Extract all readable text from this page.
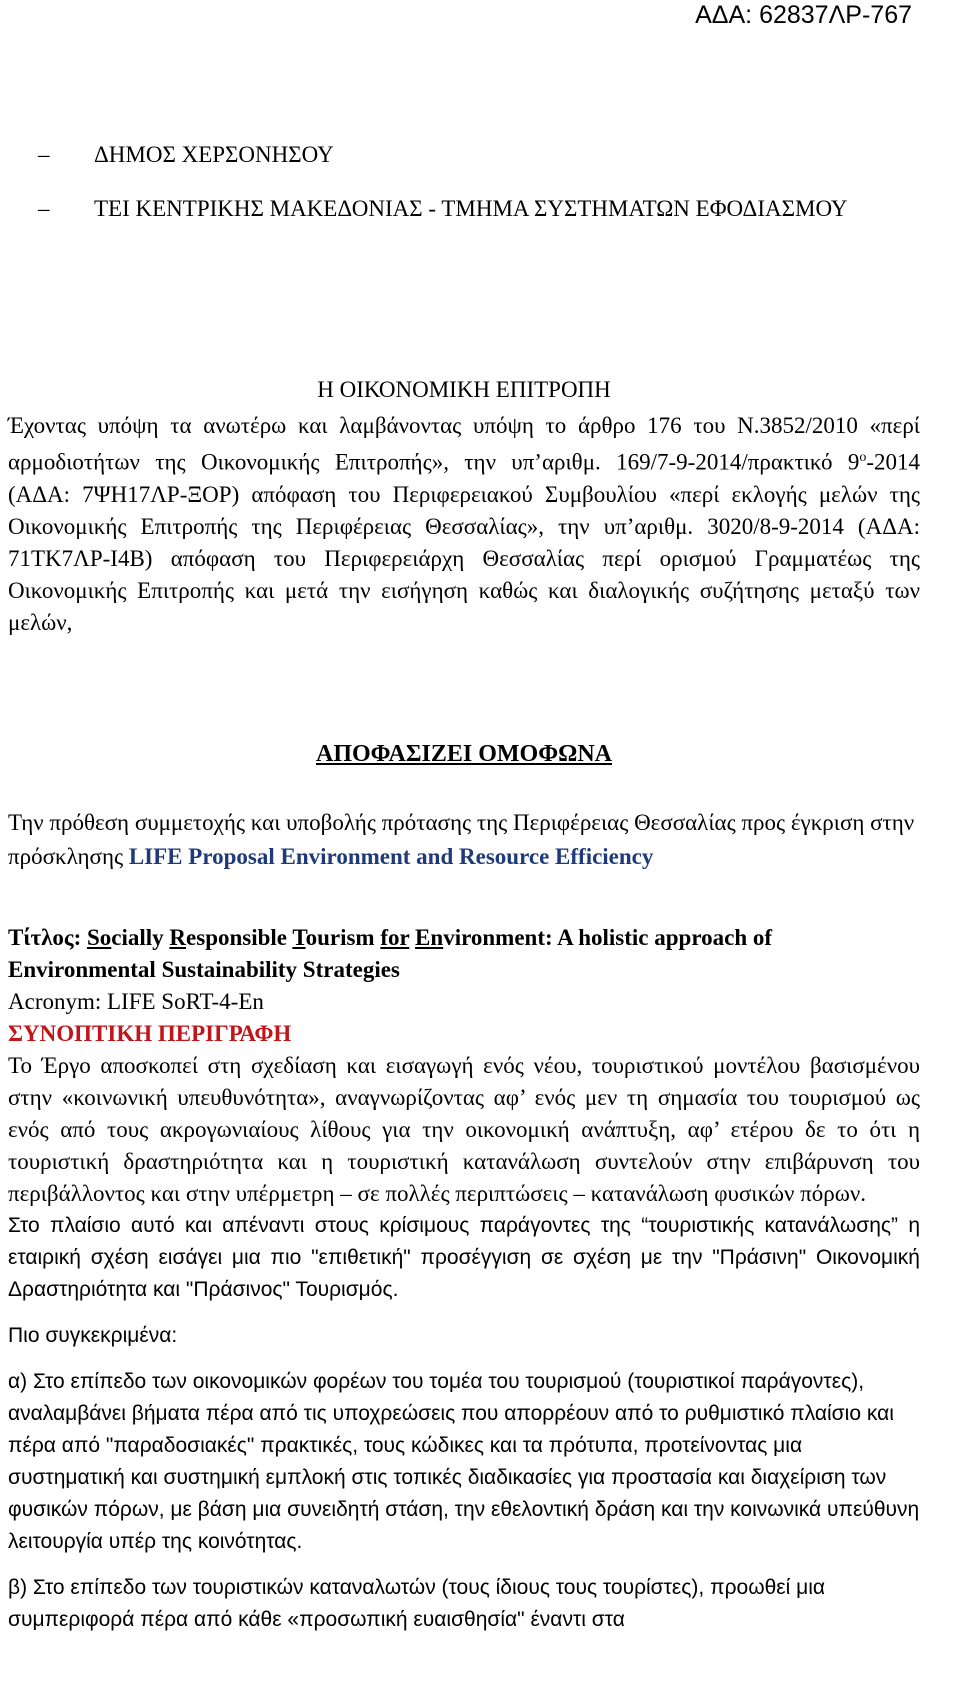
ΑΔΑ: 62837ΛΡ-767
– ΔΗΜΟΣ ΧΕΡΣΟΝΗΣΟΥ
– ΤΕΙ ΚΕΝΤΡΙΚΗΣ ΜΑΚΕΔΟΝΙΑΣ - ΤΜΗΜΑ ΣΥΣΤΗΜΑΤΩΝ ΕΦΟΔΙΑΣΜΟΥ
Η ΟΙΚΟΝΟΜΙΚΗ ΕΠΙΤΡΟΠΗ
Έχοντας υπόψη τα ανωτέρω και λαμβάνοντας υπόψη το άρθρο 176 του Ν.3852/2010 «περί αρμοδιοτήτων της Οικονομικής Επιτροπής», την υπ’αριθμ. 169/7-9-2014/πρακτικό $9^o-2014$ (ΑΔΑ: 7ΨΗ17ΛΡ-ΞΟΡ) απόφαση του Περιφερειακού Συμβουλίου «περί εκλογής μελών της Οικονομικής Επιτροπής της Περιφέρειας Θεσσαλίας», την υπ’αριθμ. 3020/8-9-2014 (ΑΔΑ: 71ΤΚ7ΛΡ-Ι4Β) απόφαση του Περιφερειάρχη Θεσσαλίας περί ορισμού Γραμματέως της Οικονομικής Επιτροπής και μετά την εισήγηση καθώς και διαλογικής συζήτησης μεταξύ των μελών,
ΑΠΟΦΑΣΙΖΕΙ ΟΜΟΦΩΝΑ
Την πρόθεση συμμετοχής και υποβολής πρότασης της Περιφέρειας Θεσσαλίας προς έγκριση στην πρόσκλησης LIFE Proposal Environment and Resource Efficiency
Τίτλος: Socially Responsible Tourism for Environment: A holistic approach of Environmental Sustainability Strategies
Acronym: LIFE SoRT-4-En
ΣΥΝΟΠΤΙΚΗ ΠΕΡΙΓΡΑΦΗ

Το Έργο αποσκοπεί στη σχεδίαση και εισαγωγή ενός νέου, τουριστικού μοντέλου βασισμένου στην «κοινωνική υπευθυνότητα», αναγνωρίζοντας αφ’ ενός μεν τη σημασία του τουρισμού ως ενός από τους ακρογωνιαίους λίθους για την οικονομική ανάπτυξη, αφ’ ετέρου δε το ότι η τουριστική δραστηριότητα και η τουριστική κατανάλωση συντελούν στην επιβάρυνση του περιβάλλοντος και στην υπέρμετρη – σε πολλές περιπτώσεις – κατανάλωση φυσικών πόρων.

Στο πλαίσιο αυτό και απέναντι στους κρίσιμους παράγοντες της “τουριστικής κατανάλωσης” η εταιρική σχέση εισάγει μια πιο "επιθετική" προσέγγιση σε σχέση με την "Πράσινη" Οικονομική Δραστηριότητα και "Πράσινος" Τουρισμός.

Πιο συγκεκριμένα:

α) Στο επίπεδο των οικονομικών φορέων του τομέα του τουρισμού (τουριστικοί παράγοντες), αναλαμβάνει βήματα πέρα από τις υποχρεώσεις που απορρέουν από το ρυθμιστικό πλαίσιο και πέρα από "παραδοσιακές" πρακτικές, τους κώδικες και τα πρότυπα, προτείνοντας μια συστηματική και συστημική εμπλοκή στις τοπικές διαδικασίες για προστασία και διαχείριση των φυσικών πόρων, με βάση μια συνειδητή στάση, την εθελοντική δράση και την κοινωνικά υπεύθυνη λειτουργία υπέρ της κοινότητας.

β) Στο επίπεδο των τουριστικών καταναλωτών (τους ίδιους τους τουρίστες), προωθεί μια συμπεριφορά πέρα από κάθε «προσωπική ευαισθησία" έναντι στα
